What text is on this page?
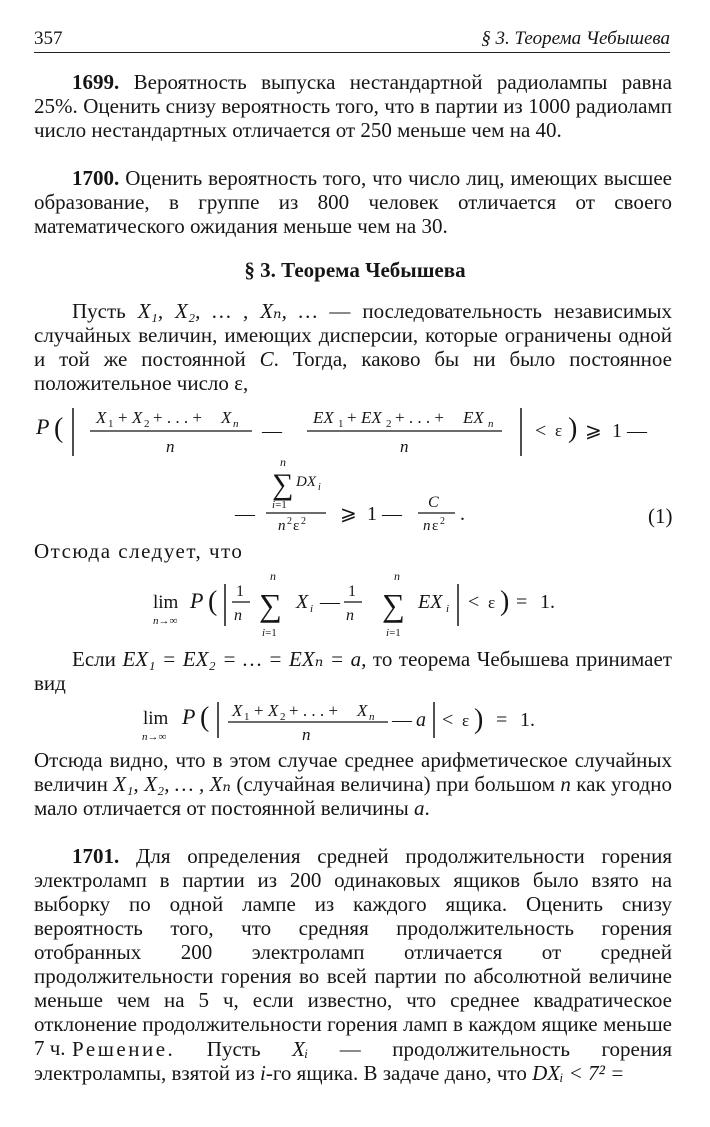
357	§ 3. Теорема Чебышева

1699. Вероятность выпуска нестандартной радиолампы равна 25%. Оценить снизу вероятность того, что в партии из 1000 радиоламп число нестандартных отличается от 250 меньше чем на 40.

1700. Оценить вероятность того, что число лиц, имеющих высшее образование, в группе из 800 человек отличается от своего математического ожидания меньше чем на 30.

§ 3. Теорема Чебышева

Пусть X₁, X₂, … , Xₙ, … — последовательность независимых случайных величин, имеющих дисперсии, которые ограничены одной и той же постоянной C. Тогда, каково бы ни было постоянное положительное число ε,

P ( X 1 + X 2 + . . . + X n
n
—
EX 1 + EX 2 + . . . + EX n
n
< ε ) ⩾ 1 —
n
∑ DX i
i=1
n 2 ε 2
—	⩾ 1 —
C
n ε 2 .	(1)

Отсюда следует, что

lim
n→∞
P ( 1
n
n
∑
i=1
X i — 1
n
n
∑
i=1
EX i < ε ) = 1.

Если EX₁ = EX₂ = … = EXₙ = a, то теорема Чебышева принимает вид

lim
n→∞
P ( X 1 + X 2 + . . . + X n
n
— a < ε ) = 1.

Отсюда видно, что в этом случае среднее арифметическое случайных величин X₁, X₂, … , Xₙ (случайная величина) при большом n как угодно мало отличается от постоянной величины a.

1701. Для определения средней продолжительности горения электроламп в партии из 200 одинаковых ящиков было взято на выборку по одной лампе из каждого ящика. Оценить снизу вероятность того, что средняя продолжительность горения отобранных 200 электроламп отличается от средней продолжительности горения во всей партии по абсолютной величине меньше чем на 5 ч, если известно, что среднее квадратическое отклонение продолжительности горения ламп в каждом ящике меньше 7 ч. Решение. Пусть Xᵢ — продолжительность горения электролампы, взятой из i-го ящика. В задаче дано, что DXᵢ < 7² =
